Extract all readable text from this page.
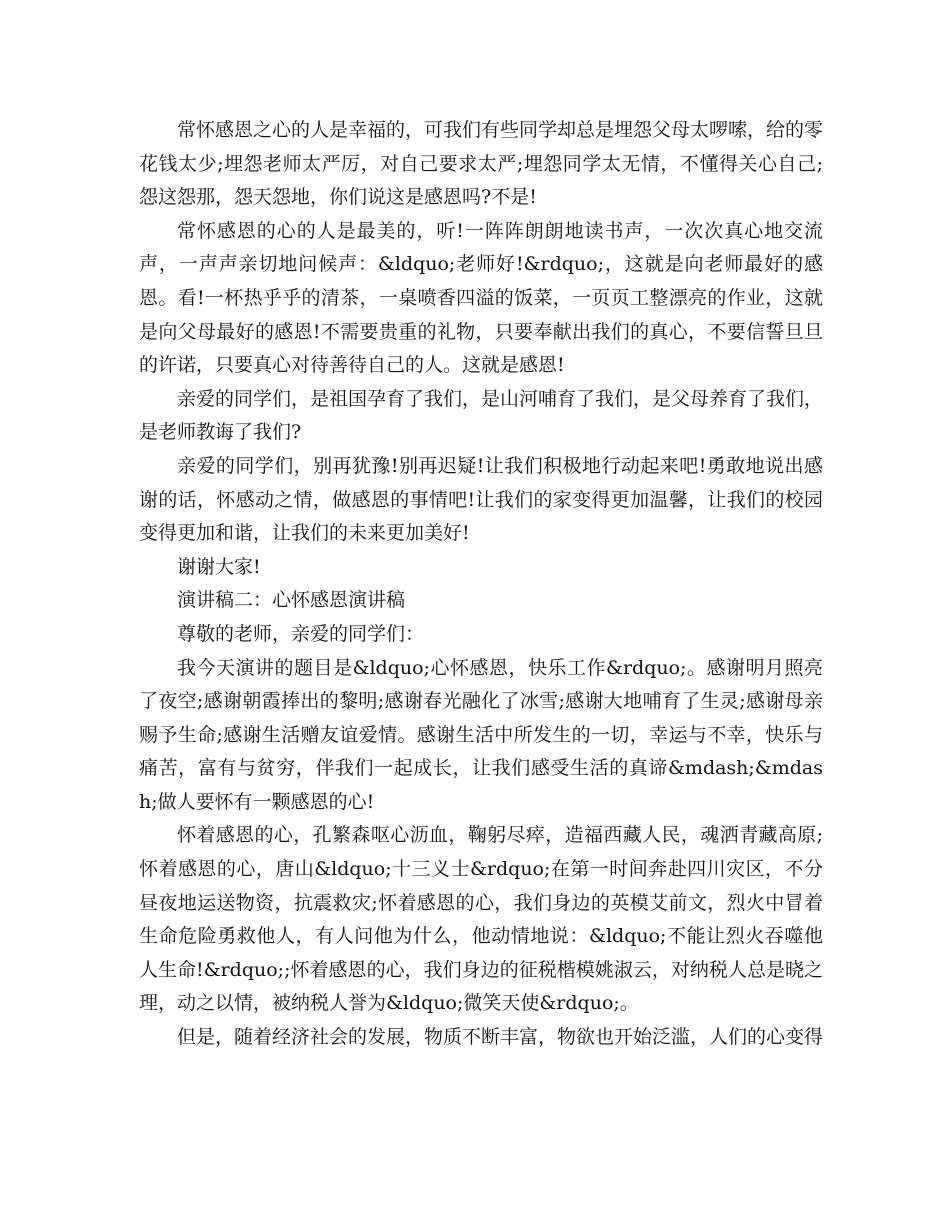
常怀感恩之心的人是幸福的，可我们有些同学却总是埋怨父母太啰嗦，给的零花钱太少;埋怨老师太严厉，对自己要求太严;埋怨同学太无情，不懂得关心自己;怨这怨那，怨天怨地，你们说这是感恩吗?不是!

常怀感恩的心的人是最美的，听!一阵阵朗朗地读书声，一次次真心地交流声，一声声亲切地问候声：&ldquo;老师好!&rdquo;，这就是向老师最好的感恩。看!一杯热乎乎的清茶，一桌喷香四溢的饭菜，一页页工整漂亮的作业，这就是向父母最好的感恩!不需要贵重的礼物，只要奉献出我们的真心，不要信誓旦旦的许诺，只要真心对待善待自己的人。这就是感恩!

亲爱的同学们，是祖国孕育了我们，是山河哺育了我们，是父母养育了我们，是老师教诲了我们?

亲爱的同学们，别再犹豫!别再迟疑!让我们积极地行动起来吧!勇敢地说出感谢的话，怀感动之情，做感恩的事情吧!让我们的家变得更加温馨，让我们的校园变得更加和谐，让我们的未来更加美好!

谢谢大家!

演讲稿二：心怀感恩演讲稿

尊敬的老师，亲爱的同学们：

我今天演讲的题目是&ldquo;心怀感恩，快乐工作&rdquo;。感谢明月照亮了夜空;感谢朝霞捧出的黎明;感谢春光融化了冰雪;感谢大地哺育了生灵;感谢母亲赐予生命;感谢生活赠友谊爱情。感谢生活中所发生的一切，幸运与不幸，快乐与痛苦，富有与贫穷，伴我们一起成长，让我们感受生活的真谛&mdash;&mdash;做人要怀有一颗感恩的心!

怀着感恩的心，孔繁森呕心沥血，鞠躬尽瘁，造福西藏人民，魂洒青藏高原;怀着感恩的心，唐山&ldquo;十三义士&rdquo;在第一时间奔赴四川灾区，不分昼夜地运送物资，抗震救灾;怀着感恩的心，我们身边的英模艾前文，烈火中冒着生命危险勇救他人，有人问他为什么，他动情地说：&ldquo;不能让烈火吞噬他人生命!&rdquo;;怀着感恩的心，我们身边的征税楷模姚淑云，对纳税人总是晓之理，动之以情，被纳税人誉为&ldquo;微笑天使&rdquo;。

但是，随着经济社会的发展，物质不断丰富，物欲也开始泛滥，人们的心变得
